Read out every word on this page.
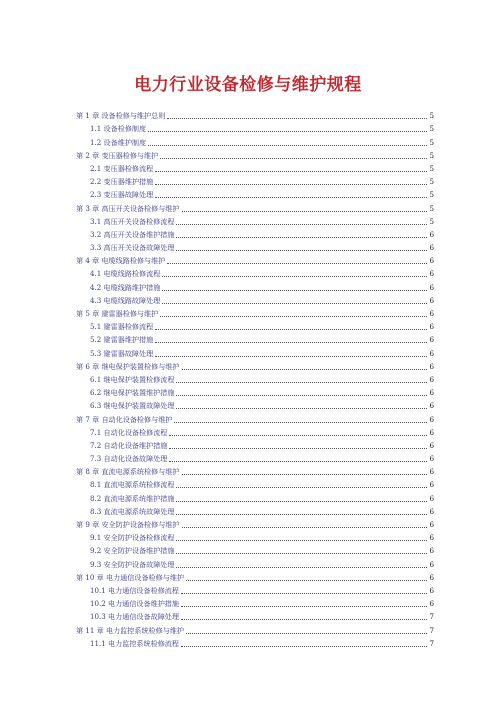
电力行业设备检修与维护规程
第 1 章 设备检修与维护总则	5
1.1 设备检修制度	5
1.2 设备维护制度	5
第 2 章 变压器检修与维护	5
2.1 变压器检修流程	5
2.2 变压器维护措施	5
2.3 变压器故障处理	5
第 3 章 高压开关设备检修与维护	5
3.1 高压开关设备检修流程	5
3.2 高压开关设备维护措施	6
3.3 高压开关设备故障处理	6
第 4 章 电缆线路检修与维护	6
4.1 电缆线路检修流程	6
4.2 电缆线路维护措施	6
4.3 电缆线路故障处理	6
第 5 章 避雷器检修与维护	6
5.1 避雷器检修流程	6
5.2 避雷器维护措施	6
5.3 避雷器故障处理	6
第 6 章 继电保护装置检修与维护	6
6.1 继电保护装置检修流程	6
6.2 继电保护装置维护措施	6
6.3 继电保护装置故障处理	6
第 7 章 自动化设备检修与维护	6
7.1 自动化设备检修流程	6
7.2 自动化设备维护措施	6
7.3 自动化设备故障处理	6
第 8 章 直流电源系统检修与维护	6
8.1 直流电源系统检修流程	6
8.2 直流电源系统维护措施	6
8.3 直流电源系统故障处理	6
第 9 章 安全防护设备检修与维护	6
9.1 安全防护设备检修流程	6
9.2 安全防护设备维护措施	6
9.3 安全防护设备故障处理	6
第 10 章 电力通信设备检修与维护	6
10.1 电力通信设备检修流程	6
10.2 电力通信设备维护措施	6
10.3 电力通信设备故障处理	7
第 11 章 电力监控系统检修与维护	7
11.1 电力监控系统检修流程	7
